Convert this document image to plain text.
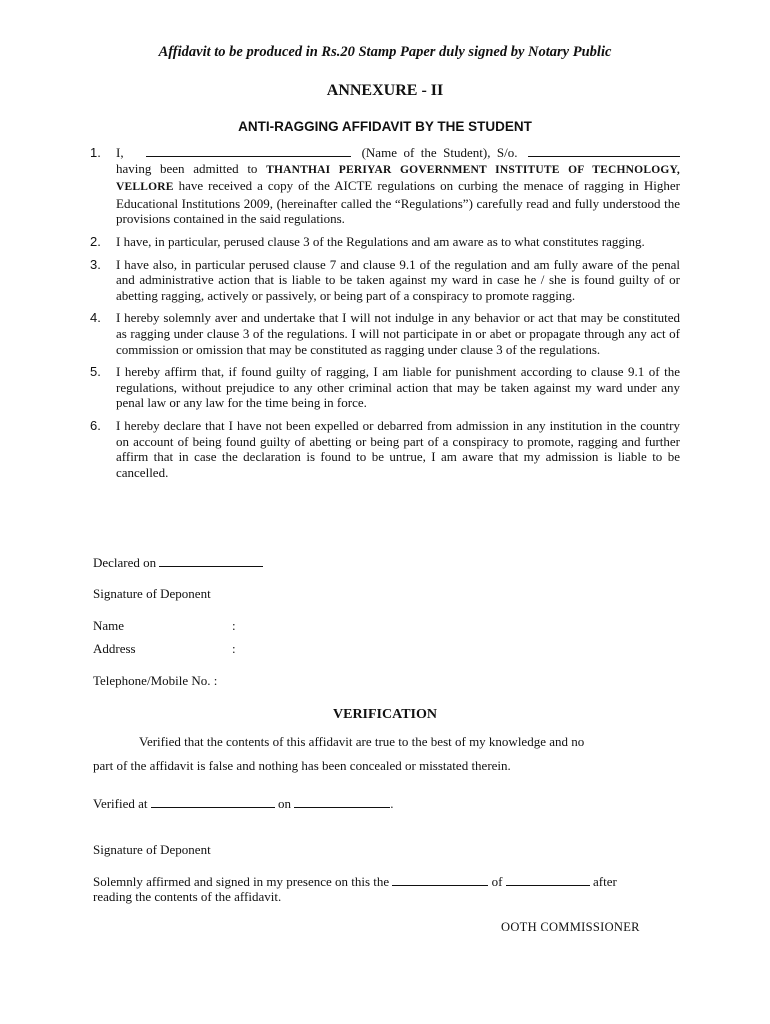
Affidavit to be produced in Rs.20 Stamp Paper duly signed by Notary Public
ANNEXURE - II
ANTI-RAGGING AFFIDAVIT BY THE STUDENT
1.	I,	(Name of the Student), S/o.  having been admitted to THANTHAI PERIYAR GOVERNMENT INSTITUTE OF TECHNOLOGY, VELLORE have received a copy of the AICTE regulations on curbing the menace of ragging in Higher Educational Institutions 2009, (hereinafter called the “Regulations”) carefully read and fully understood the provisions contained in the said regulations.
2.	I have, in particular, perused clause 3 of the Regulations and am aware as to what constitutes ragging.
3.	I have also, in particular perused clause 7 and clause 9.1 of the regulation and am fully aware of the penal and administrative action that is liable to be taken against my ward in case he / she is found guilty of or abetting ragging, actively or passively, or being part of a conspiracy to promote ragging.
4.	I hereby solemnly aver and undertake that I will not indulge in any behavior or act that may be constituted as ragging under clause 3 of the regulations. I will not participate in or abet or propagate through any act of commission or omission that may be constituted as ragging under clause 3 of the regulations.
5.	I hereby affirm that, if found guilty of ragging, I am liable for punishment according to clause 9.1 of the regulations, without prejudice to any other criminal action that may be taken against my ward under any penal law or any law for the time being in force.
6.	I hereby declare that I have not been expelled or debarred from admission in any institution in the country on account of being found guilty of abetting or being part of a conspiracy to promote, ragging and further affirm that in case the declaration is found to be untrue, I am aware that my admission is liable to be cancelled.
Declared on
Signature of Deponent
Name	:
Address	:
Telephone/Mobile No. :
VERIFICATION
Verified that the contents of this affidavit are true to the best of my knowledge and no
part of the affidavit is false and nothing has been concealed or misstated therein.
Verified at	on	.
Signature of Deponent
Solemnly affirmed and signed in my presence on this the	of	after
reading the contents of the affidavit.
OOTH COMMISSIONER
